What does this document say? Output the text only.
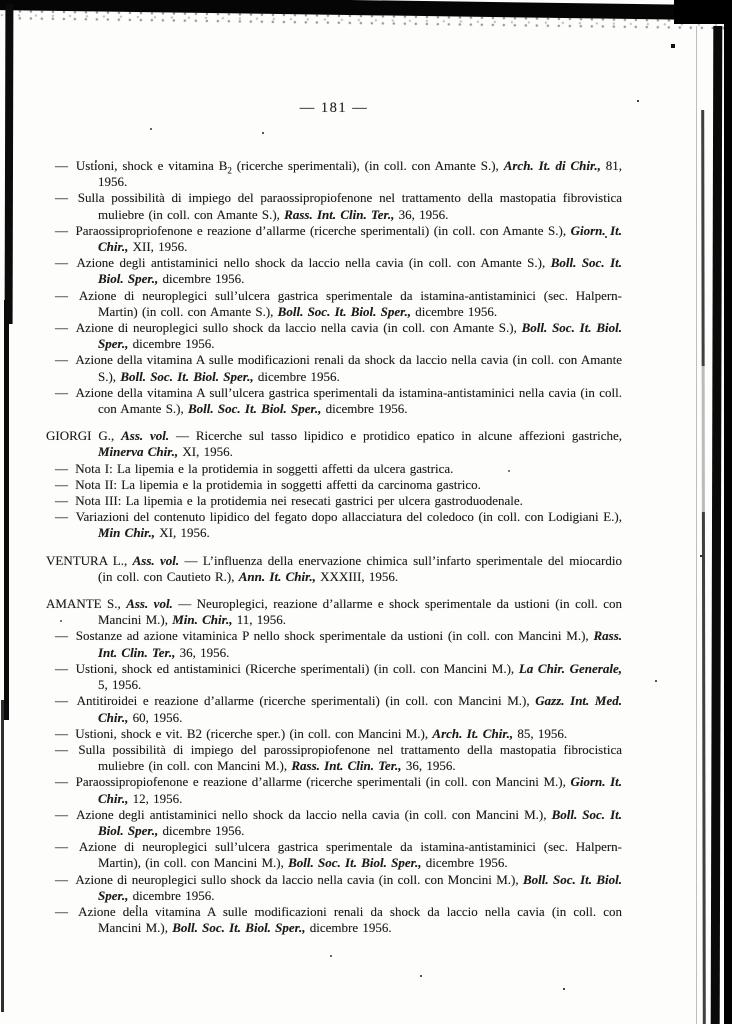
— 181 —

— Ustioni, shock e vitamina $B_2$ (ricerche sperimentali), (in coll. con Amante S.), Arch. It. di Chir., 81, 1956.

— Sulla possibilità di impiego del paraossipropiofenone nel trattamento della mastopatia fibrovistica muliebre (in coll. con Amante S.), Rass. Int. Clin. Ter., 36, 1956.

— Paraossipropriofenone e reazione d’allarme (ricerche sperimentali) (in coll. con Amante S.), Giorn. It. Chir., XII, 1956.

— Azione degli antistaminici nello shock da laccio nella cavia (in coll. con Amante S.), Boll. Soc. It. Biol. Sper., dicembre 1956.

— Azione di neuroplegici sull’ulcera gastrica sperimentale da istamina-antistaminici (sec. Halpern-Martin) (in coll. con Amante S.), Boll. Soc. It. Biol. Sper., dicembre 1956.

— Azione di neuroplegici sullo shock da laccio nella cavia (in coll. con Amante S.), Boll. Soc. It. Biol. Sper., dicembre 1956.

— Azione della vitamina A sulle modificazioni renali da shock da laccio nella cavia (in coll. con Amante S.), Boll. Soc. It. Biol. Sper., dicembre 1956.

— Azione della vitamina A sull’ulcera gastrica sperimentali da istamina-antistaminici nella cavia (in coll. con Amante S.), Boll. Soc. It. Biol. Sper., dicembre 1956.

GIORGI G., Ass. vol. — Ricerche sul tasso lipidico e protidico epatico in alcune affezioni gastriche, Minerva Chir., XI, 1956.

— Nota I: La lipemia e la protidemia in soggetti affetti da ulcera gastrica.

— Nota II: La lipemia e la protidemia in soggetti affetti da carcinoma gastrico.

— Nota III: La lipemia e la protidemia nei resecati gastrici per ulcera gastroduodenale.

— Variazioni del contenuto lipidico del fegato dopo allacciatura del coledoco (in coll. con Lodigiani E.), Min Chir., XI, 1956.

VENTURA L., Ass. vol. — L’influenza della enervazione chimica sull’infarto sperimentale del miocardio (in coll. con Cautieto R.), Ann. It. Chir., XXXIII, 1956.

AMANTE S., Ass. vol. — Neuroplegici, reazione d’allarme e shock sperimentale da ustioni (in coll. con Mancini M.), Min. Chir., 11, 1956.

— Sostanze ad azione vitaminica P nello shock sperimentale da ustioni (in coll. con Mancini M.), Rass. Int. Clin. Ter., 36, 1956.

— Ustioni, shock ed antistaminici (Ricerche sperimentali) (in coll. con Mancini M.), La Chir. Generale, 5, 1956.

— Antitiroidei e reazione d’allarme (ricerche sperimentali) (in coll. con Mancini M.), Gazz. Int. Med. Chir., 60, 1956.

— Ustioni, shock e vit. B2 (ricerche sper.) (in coll. con Mancini M.), Arch. It. Chir., 85, 1956.

— Sulla possibilità di impiego del parossipropiofenone nel trattamento della mastopatia fibrocistica muliebre (in coll. con Mancini M.), Rass. Int. Clin. Ter., 36, 1956.

— Paraossipropiofenone e reazione d’allarme (ricerche sperimentali (in coll. con Mancini M.), Giorn. It. Chir., 12, 1956.

— Azione degli antistaminici nello shock da laccio nella cavia (in coll. con Mancini M.), Boll. Soc. It. Biol. Sper., dicembre 1956.

— Azione di neuroplegici sull’ulcera gastrica sperimentale da istamina-antistaminici (sec. Halpern-Martin), (in coll. con Mancini M.), Boll. Soc. It. Biol. Sper., dicembre 1956.

— Azione di neuroplegici sullo shock da laccio nella cavia (in coll. con Moncini M.), Boll. Soc. It. Biol. Sper., dicembre 1956.

— Azione della vitamina A sulle modificazioni renali da shock da laccio nella cavia (in coll. con Mancini M.), Boll. Soc. It. Biol. Sper., dicembre 1956.
